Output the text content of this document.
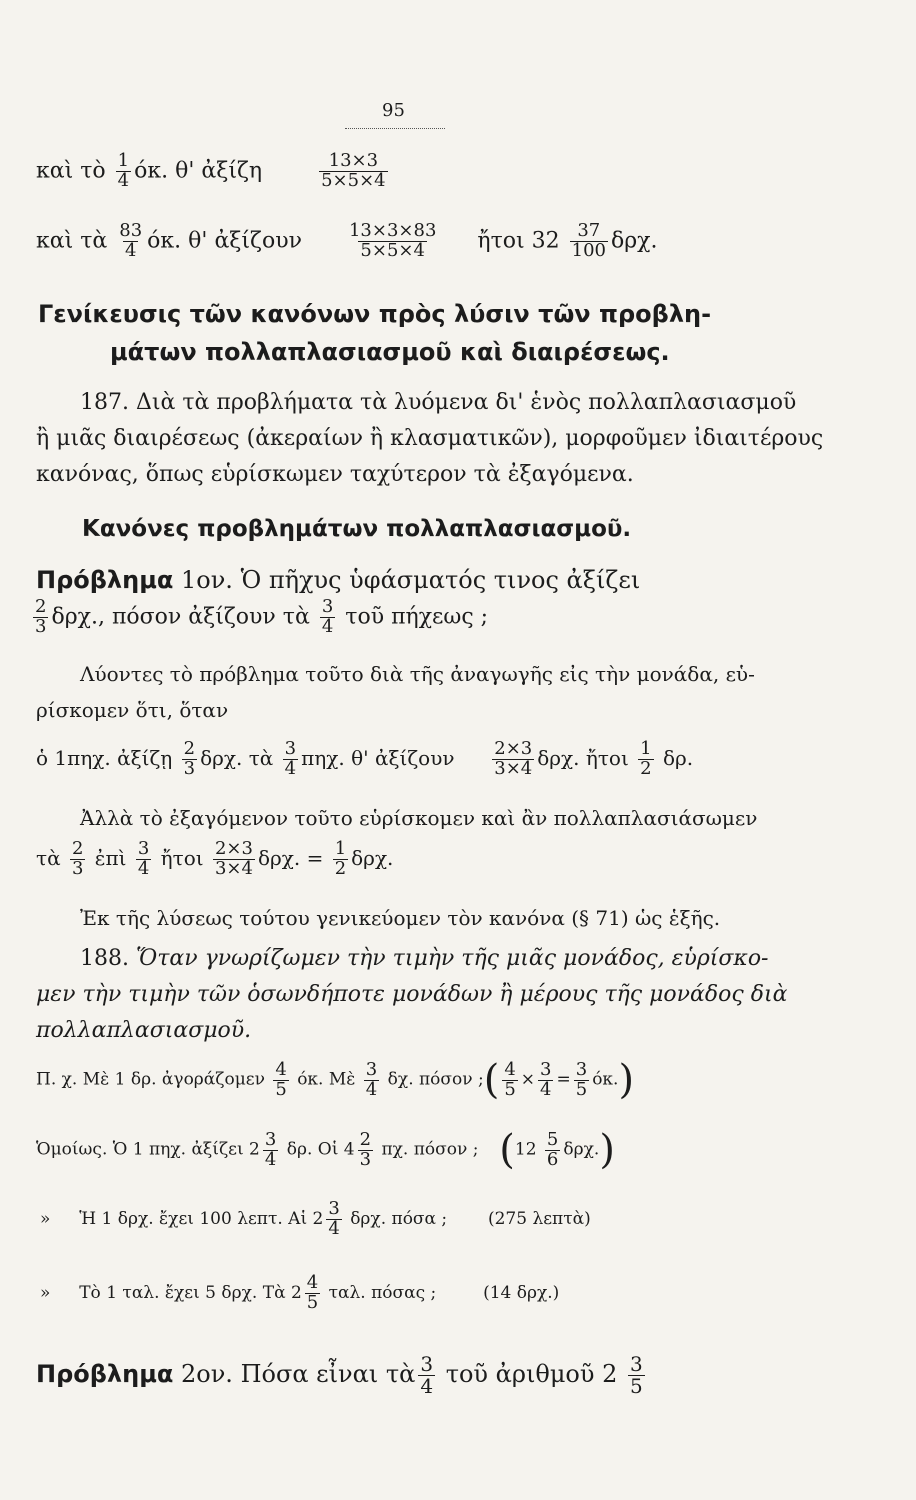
95
καὶ τὸ $\frac{1}{4} ό\kappa$. θ' ἀξίζη	$\frac{13\times 3}{5\times 5\times 4}$
καὶ τὰ $\frac{83}{4} ό\kappa$. θ' ἀξίζουν	$\frac{13\times 3\times 83}{5\times 5\times 4}$ ἤτοι $32 \frac{37}{100} \delta\rho\chi$.
Γενίκευσις τῶν κανόνων πρὸς λύσιν τῶν προβλη-
μάτων πολλαπλασιασμοῦ καὶ διαιρέσεως.
187. Διὰ τὰ προβλήματα τὰ λυόμενα δι' ἑνὸς πολλαπλασιασμοῦ
ἢ μιᾶς διαιρέσεως (ἀκεραίων ἢ κλασματικῶν), μορφοῦμεν ἰδιαιτέρους
κανόνας, ὅπως εὑρίσκωμεν ταχύτερον τὰ ἐξαγόμενα.
Κανόνες προβλημάτων πολλαπλασιασμοῦ.
Πρόβλημα 1ον. Ὁ πῆχυς ὑφάσματός τινος ἀξίζει
$\frac{2}{3} \delta\rho\chi$., πόσον ἀξίζουν τὰ $\frac{3}{4}$ τοῦ πήχεως ;
Λύοντες τὸ πρόβλημα τοῦτο διὰ τῆς ἀναγωγῆς εἰς τὴν μονάδα, εὑ-
ρίσκομεν ὅτι, ὅταν
ὁ 1πηχ. ἀξίζῃ $\frac{2}{3} \delta\rho\chi$. τὰ $\frac{3}{4} \pi\eta\chi$. θ' ἀξίζουν $\frac{2\times 3}{3\times 4} \delta\rho\chi$. ἤτοι $\frac{1}{2} \delta\rho$.
Ἀλλὰ τὸ ἐξαγόμενον τοῦτο εὑρίσκομεν καὶ ἂν πολλαπλασιάσωμεν
τὰ $\frac{2}{3}$ ἐπὶ $\frac{3}{4}$ ἤτοι $\frac{2\times 3}{3\times 4} \delta\rho\chi$. = $\frac{1}{2} \delta\rho\chi$.
Ἐκ τῆς λύσεως τούτου γενικεύομεν τὸν κανόνα (§ 71) ὡς ἑξῆς.
188. Ὅταν γνωρίζωμεν τὴν τιμὴν τῆς μιᾶς μονάδος, εὑρίσκο-
μεν τὴν τιμὴν τῶν ὁσωνδήποτε μονάδων ἢ μέρους τῆς μονάδος διὰ
πολλαπλασιασμοῦ.
Π. χ. Μὲ 1 δρ. ἀγοράζομεν $\frac{4}{5} ό\kappa$. Μὲ $\frac{3}{4} \delta\chi$. πόσον ;( $\frac{4}{5} \times \frac{3}{4} = \frac{3}{5} ό\kappa$.)
Ὁμοίως. Ὁ 1 πηχ. ἀξίζει $2 \frac{3}{4} \delta\rho$. Οἱ $4 \frac{2}{3} \pi\chi$. πόσον ; $(12 \frac{5}{6} \delta\rho\chi.)$
» Ἡ 1 δρχ. ἔχει 100 λεπτ. Αἱ $2 \frac{3}{4} \delta\rho\chi$. πόσα ; (275 λεπτὰ)
» Τὸ 1 ταλ. ἔχει 5 δρχ. Τὰ $2 \frac{4}{5} \tau\alpha\lambda$. πόσας ;	(14 δρχ.)
Πρόβλημα 2ον. Πόσα εἶναι τὰ $\frac{3}{4}$ τοῦ ἀριθμοῦ $2 \frac{3}{5}$
